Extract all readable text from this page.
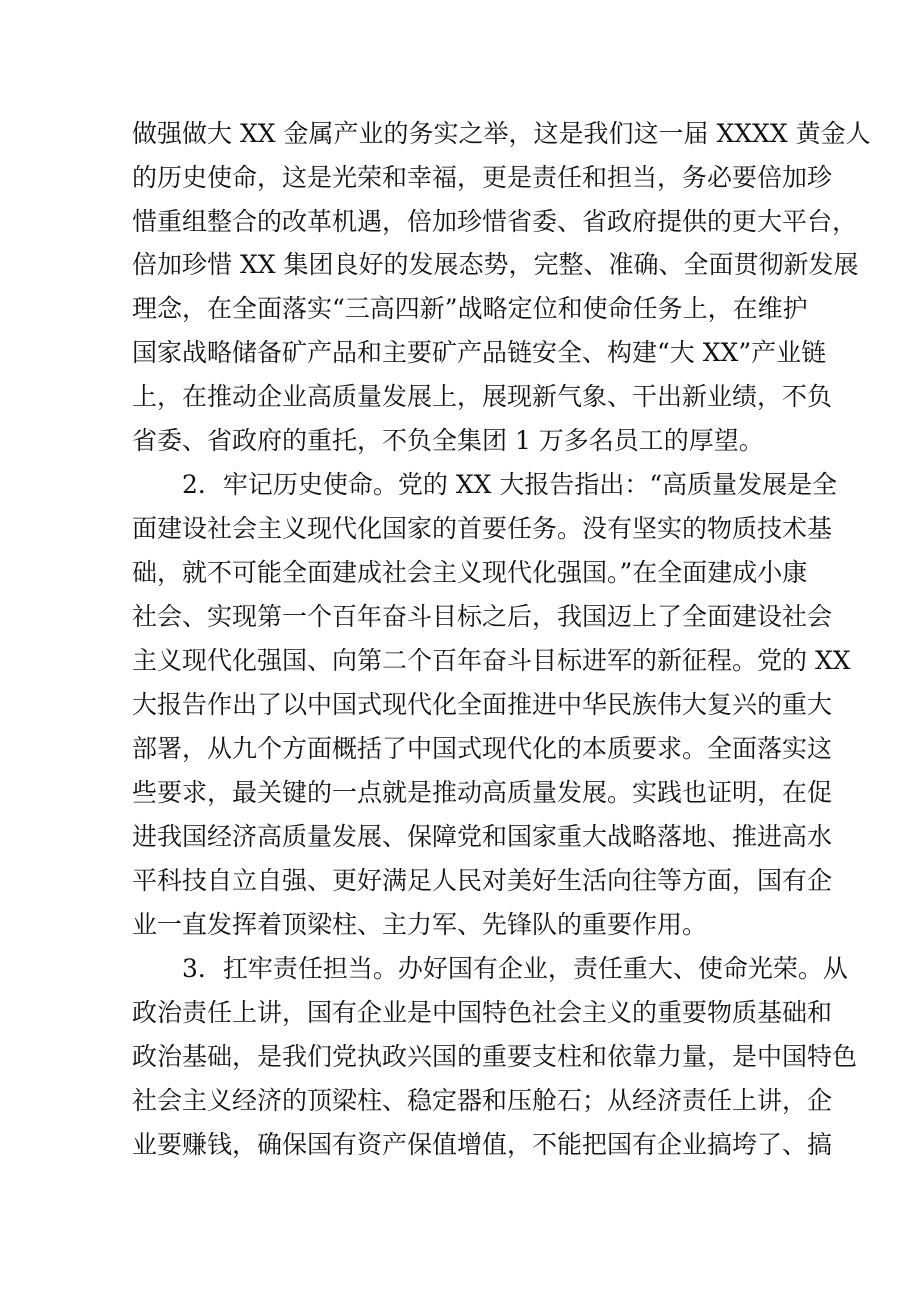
做强做大 XX 金属产业的务实之举，这是我们这一届 XXXX 黄金人
的历史使命，这是光荣和幸福，更是责任和担当，务必要倍加珍
惜重组整合的改革机遇，倍加珍惜省委、省政府提供的更大平台，
倍加珍惜 XX 集团良好的发展态势，完整、准确、全面贯彻新发展
理念，在全面落实“三高四新”战略定位和使命任务上，在维护
国家战略储备矿产品和主要矿产品链安全、构建“大 XX”产业链
上，在推动企业高质量发展上，展现新气象、干出新业绩，不负
省委、省政府的重托，不负全集团 1 万多名员工的厚望。
2．牢记历史使命。党的 XX 大报告指出：“高质量发展是全
面建设社会主义现代化国家的首要任务。没有坚实的物质技术基
础，就不可能全面建成社会主义现代化强国。”在全面建成小康
社会、实现第一个百年奋斗目标之后，我国迈上了全面建设社会
主义现代化强国、向第二个百年奋斗目标进军的新征程。党的 XX
大报告作出了以中国式现代化全面推进中华民族伟大复兴的重大
部署，从九个方面概括了中国式现代化的本质要求。全面落实这
些要求，最关键的一点就是推动高质量发展。实践也证明，在促
进我国经济高质量发展、保障党和国家重大战略落地、推进高水
平科技自立自强、更好满足人民对美好生活向往等方面，国有企
业一直发挥着顶梁柱、主力军、先锋队的重要作用。
3．扛牢责任担当。办好国有企业，责任重大、使命光荣。从
政治责任上讲，国有企业是中国特色社会主义的重要物质基础和
政治基础，是我们党执政兴国的重要支柱和依靠力量，是中国特色
社会主义经济的顶梁柱、稳定器和压舱石；从经济责任上讲，企
业要赚钱，确保国有资产保值增值，不能把国有企业搞垮了、搞
